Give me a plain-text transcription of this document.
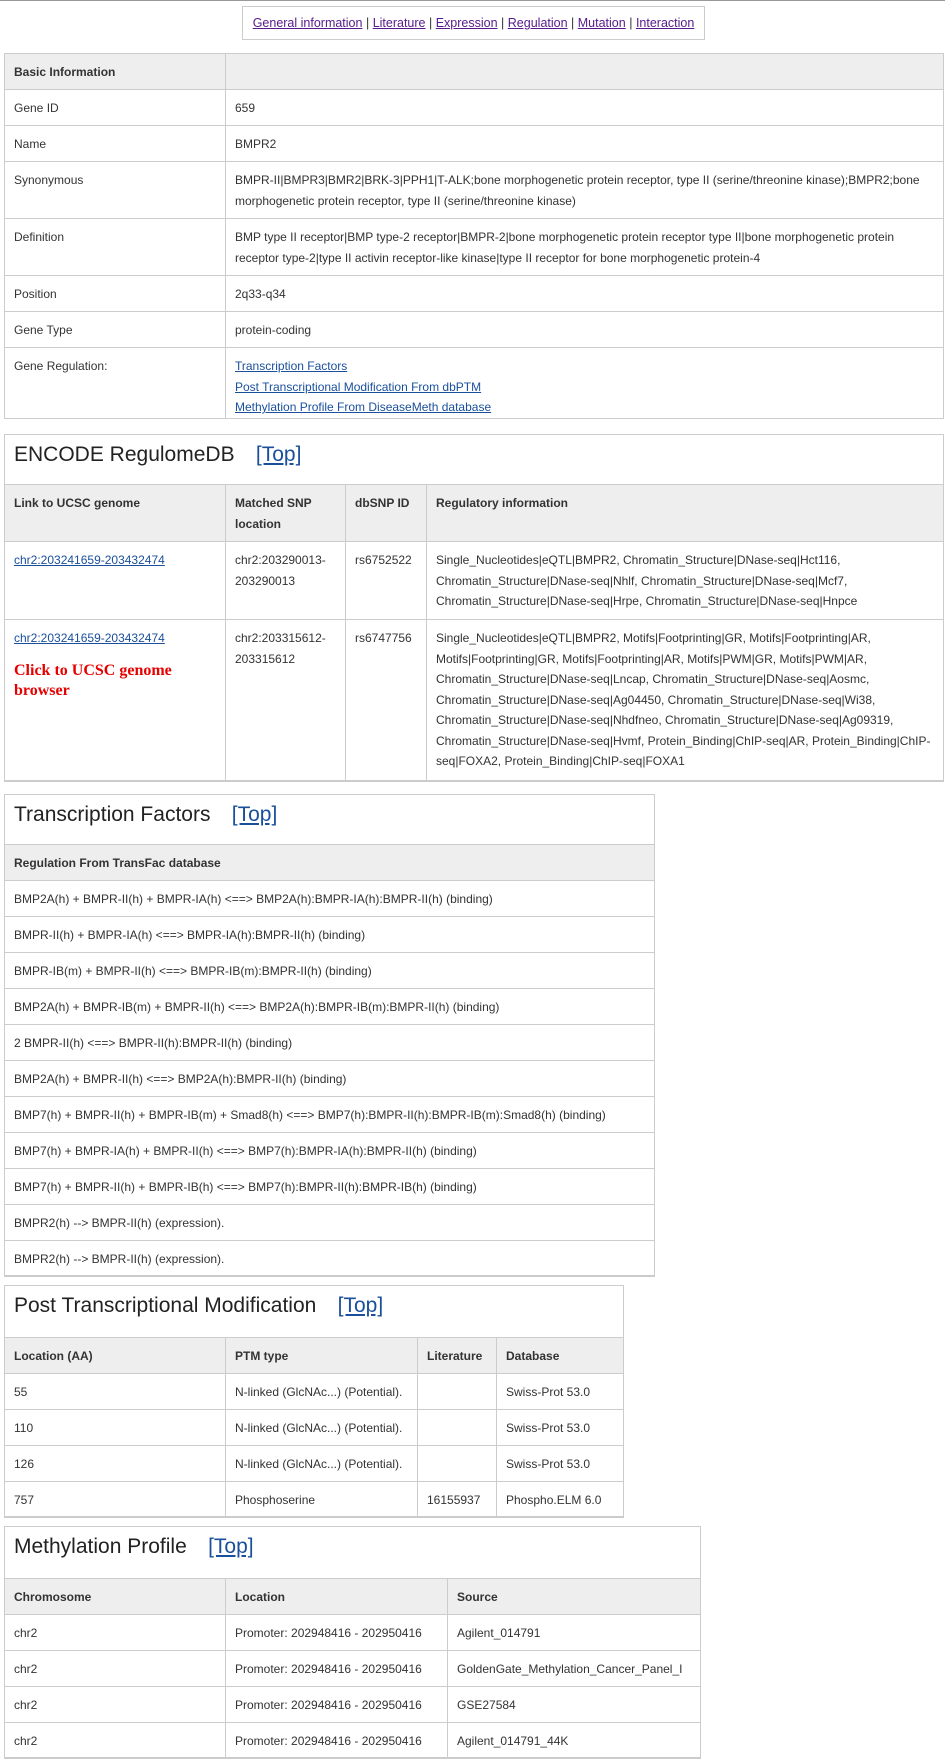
General information | Literature | Expression | Regulation | Mutation | Interaction
Basic Information	
Gene ID	659
Name	BMPR2
Synonymous	BMPR-II|BMPR3|BMR2|BRK-3|PPH1|T-ALK;bone morphogenetic protein receptor, type II (serine/threonine kinase);BMPR2;bone morphogenetic protein receptor, type II (serine/threonine kinase)
Definition	BMP type II receptor|BMP type-2 receptor|BMPR-2|bone morphogenetic protein receptor type II|bone morphogenetic protein receptor type-2|type II activin receptor-like kinase|type II receptor for bone morphogenetic protein-4
Position	2q33-q34
Gene Type	protein-coding
Gene Regulation:	Transcription Factors
Post Transcriptional Modification From dbPTM
Methylation Profile From DiseaseMeth database
ENCODE RegulomeDB [Top]
Link to UCSC genome	Matched SNP location	dbSNP ID	Regulatory information
chr2:203241659-203432474	chr2:203290013-203290013	rs6752522	Single_Nucleotides|eQTL|BMPR2, Chromatin_Structure|DNase-seq|Hct116, Chromatin_Structure|DNase-seq|Nhlf, Chromatin_Structure|DNase-seq|Mcf7, Chromatin_Structure|DNase-seq|Hrpe, Chromatin_Structure|DNase-seq|Hnpce
chr2:203241659-203432474
Click to UCSC genome browser	chr2:203315612-203315612	rs6747756	Single_Nucleotides|eQTL|BMPR2, Motifs|Footprinting|GR, Motifs|Footprinting|AR, Motifs|Footprinting|GR, Motifs|Footprinting|AR, Motifs|PWM|GR, Motifs|PWM|AR, Chromatin_Structure|DNase-seq|Lncap, Chromatin_Structure|DNase-seq|Aosmc, Chromatin_Structure|DNase-seq|Ag04450, Chromatin_Structure|DNase-seq|Wi38, Chromatin_Structure|DNase-seq|Nhdfneo, Chromatin_Structure|DNase-seq|Ag09319, Chromatin_Structure|DNase-seq|Hvmf, Protein_Binding|ChIP-seq|AR, Protein_Binding|ChIP-seq|FOXA2, Protein_Binding|ChIP-seq|FOXA1
Transcription Factors [Top]
Regulation From TransFac database
BMP2A(h) + BMPR-II(h) + BMPR-IA(h) <==> BMP2A(h):BMPR-IA(h):BMPR-II(h) (binding)
BMPR-II(h) + BMPR-IA(h) <==> BMPR-IA(h):BMPR-II(h) (binding)
BMPR-IB(m) + BMPR-II(h) <==> BMPR-IB(m):BMPR-II(h) (binding)
BMP2A(h) + BMPR-IB(m) + BMPR-II(h) <==> BMP2A(h):BMPR-IB(m):BMPR-II(h) (binding)
2 BMPR-II(h) <==> BMPR-II(h):BMPR-II(h) (binding)
BMP2A(h) + BMPR-II(h) <==> BMP2A(h):BMPR-II(h) (binding)
BMP7(h) + BMPR-II(h) + BMPR-IB(m) + Smad8(h) <==> BMP7(h):BMPR-II(h):BMPR-IB(m):Smad8(h) (binding)
BMP7(h) + BMPR-IA(h) + BMPR-II(h) <==> BMP7(h):BMPR-IA(h):BMPR-II(h) (binding)
BMP7(h) + BMPR-II(h) + BMPR-IB(h) <==> BMP7(h):BMPR-II(h):BMPR-IB(h) (binding)
BMPR2(h) --> BMPR-II(h) (expression).
BMPR2(h) --> BMPR-II(h) (expression).
Post Transcriptional Modification [Top]
Location (AA)	PTM type	Literature	Database
55	N-linked (GlcNAc...) (Potential).		Swiss-Prot 53.0
110	N-linked (GlcNAc...) (Potential).		Swiss-Prot 53.0
126	N-linked (GlcNAc...) (Potential).		Swiss-Prot 53.0
757	Phosphoserine	16155937	Phospho.ELM 6.0
Methylation Profile [Top]
Chromosome	Location	Source
chr2	Promoter: 202948416 - 202950416	Agilent_014791
chr2	Promoter: 202948416 - 202950416	GoldenGate_Methylation_Cancer_Panel_I
chr2	Promoter: 202948416 - 202950416	GSE27584
chr2	Promoter: 202948416 - 202950416	Agilent_014791_44K
